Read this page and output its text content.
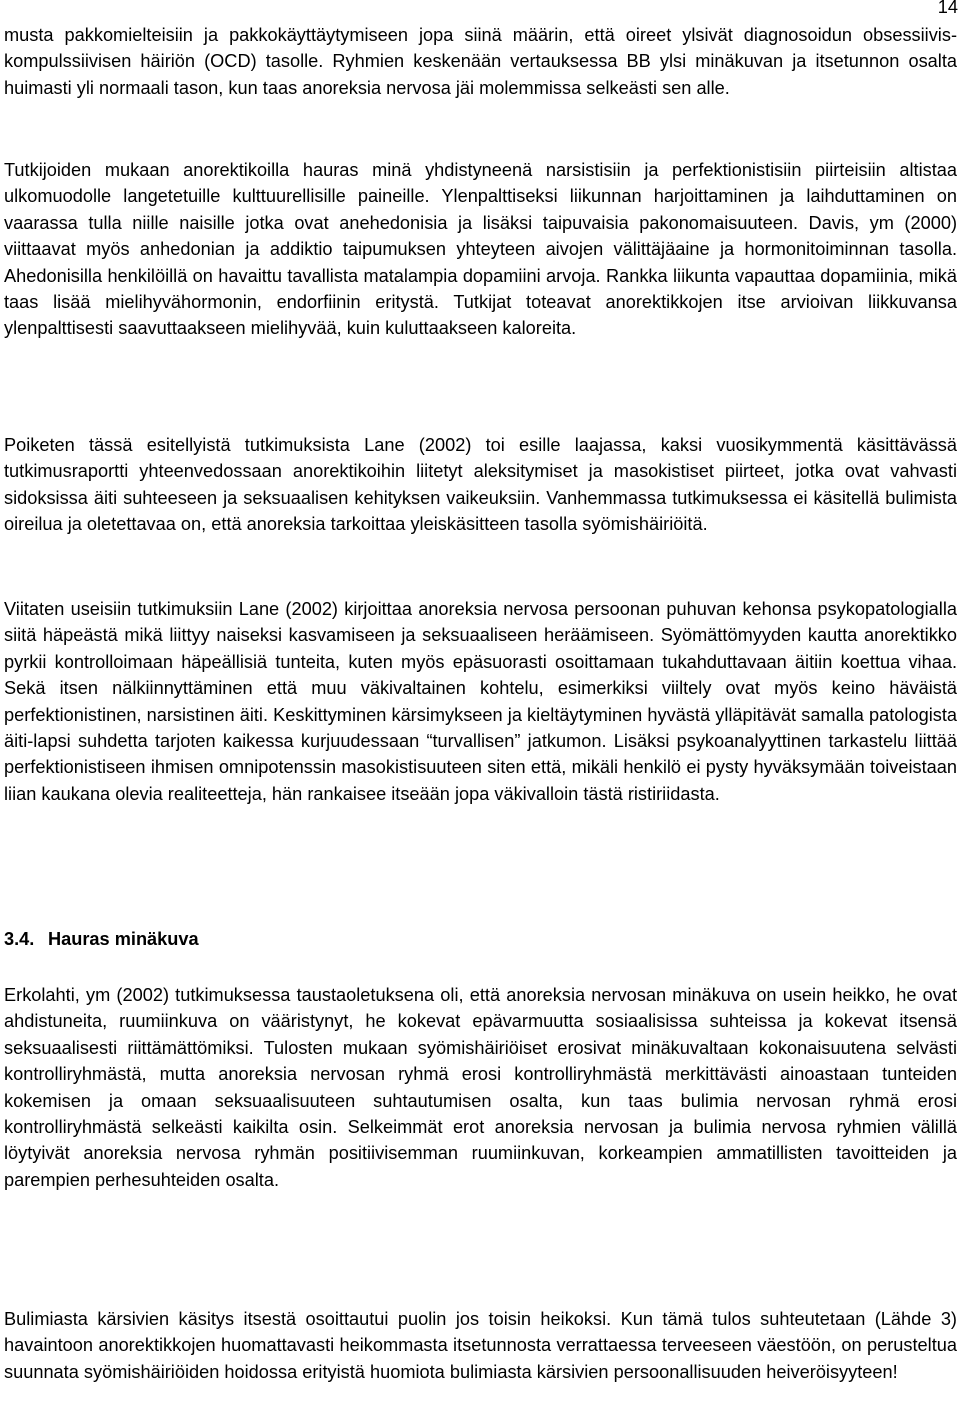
14

musta pakkomielteisiin ja pakkokäyttäytymiseen jopa siinä määrin, että oireet ylsivät diagnosoidun obsessiivis-kompulssiivisen häiriön (OCD) tasolle. Ryhmien keskenään vertauksessa BB ylsi minäkuvan ja itsetunnon osalta huimasti yli normaali tason, kun taas anoreksia nervosa jäi molemmissa selkeästi sen alle.

Tutkijoiden mukaan anorektikoilla hauras minä yhdistyneenä narsistisiin ja perfektionistisiin piirteisiin altistaa ulkomuodolle langetetuille kulttuurellisille paineille. Ylenpalttiseksi liikunnan harjoittaminen ja laihduttaminen on vaarassa tulla niille naisille jotka ovat anehedonisia ja lisäksi taipuvaisia pakonomaisuuteen. Davis, ym (2000) viittaavat myös anhedonian ja addiktio taipumuksen yhteyteen aivojen välittäjäaine ja hormonitoiminnan tasolla. Ahedonisilla henkilöillä on havaittu tavallista matalampia dopamiini arvoja. Rankka liikunta vapauttaa dopamiinia, mikä taas lisää mielihyvähormonin, endorfiinin eritystä. Tutkijat toteavat anorektikkojen itse arvioivan liikkuvansa ylenpalttisesti saavuttaakseen mielihyvää, kuin kuluttaakseen kaloreita.

Poiketen tässä esitellyistä tutkimuksista Lane (2002) toi esille laajassa, kaksi vuosikymmentä käsittävässä tutkimusraportti yhteenvedossaan anorektikoihin liitetyt aleksitymiset ja masokistiset piirteet, jotka ovat vahvasti sidoksissa äiti suhteeseen ja seksuaalisen kehityksen vaikeuksiin. Vanhemmassa tutkimuksessa ei käsitellä bulimista oireilua ja oletettavaa on, että anoreksia tarkoittaa yleiskäsitteen tasolla syömishäiriöitä.

Viitaten useisiin tutkimuksiin Lane (2002) kirjoittaa anoreksia nervosa persoonan puhuvan kehonsa psykopatologialla siitä häpeästä mikä liittyy naiseksi kasvamiseen ja seksuaaliseen heräämiseen. Syömättömyyden kautta anorektikko pyrkii kontrolloimaan häpeällisiä tunteita, kuten myös epäsuorasti osoittamaan tukahduttavaan äitiin koettua vihaa. Sekä itsen nälkiinnyttäminen että muu väkivaltainen kohtelu, esimerkiksi viiltely ovat myös keino häväistä perfektionistinen, narsistinen äiti. Keskittyminen kärsimykseen ja kieltäytyminen hyvästä ylläpitävät samalla patologista äiti-lapsi suhdetta tarjoten kaikessa kurjuudessaan “turvallisen” jatkumon. Lisäksi psykoanalyyttinen tarkastelu liittää perfektionistiseen ihmisen omnipotenssin masokistisuuteen siten että, mikäli henkilö ei pysty hyväksymään toiveistaan liian kaukana olevia realiteetteja, hän rankaisee itseään jopa väkivalloin tästä ristiriidasta.

3.4. Hauras minäkuva

Erkolahti, ym (2002) tutkimuksessa taustaoletuksena oli, että anoreksia nervosan minäkuva on usein heikko, he ovat ahdistuneita, ruumiinkuva on vääristynyt, he kokevat epävarmuutta sosiaalisissa suhteissa ja kokevat itsensä seksuaalisesti riittämättömiksi. Tulosten mukaan syömishäiriöiset erosivat minäkuvaltaan kokonaisuutena selvästi kontrolliryhmästä, mutta anoreksia nervosan ryhmä erosi kontrolliryhmästä merkittävästi ainoastaan tunteiden kokemisen ja omaan seksuaalisuuteen suhtautumisen osalta, kun taas bulimia nervosan ryhmä erosi kontrolliryhmästä selkeästi kaikilta osin. Selkeimmät erot anoreksia nervosan ja bulimia nervosa ryhmien välillä löytyivät anoreksia nervosa ryhmän positiivisemman ruumiinkuvan, korkeampien ammatillisten tavoitteiden ja parempien perhesuhteiden osalta.

Bulimiasta kärsivien käsitys itsestä osoittautui puolin jos toisin heikoksi. Kun tämä tulos suhteutetaan (Lähde 3) havaintoon anorektikkojen huomattavasti heikommasta itsetunnosta verrattaessa terveeseen väestöön, on perusteltua suunnata syömishäiriöiden hoidossa erityistä huomiota bulimiasta kärsivien persoonallisuuden heiveröisyyteen!
